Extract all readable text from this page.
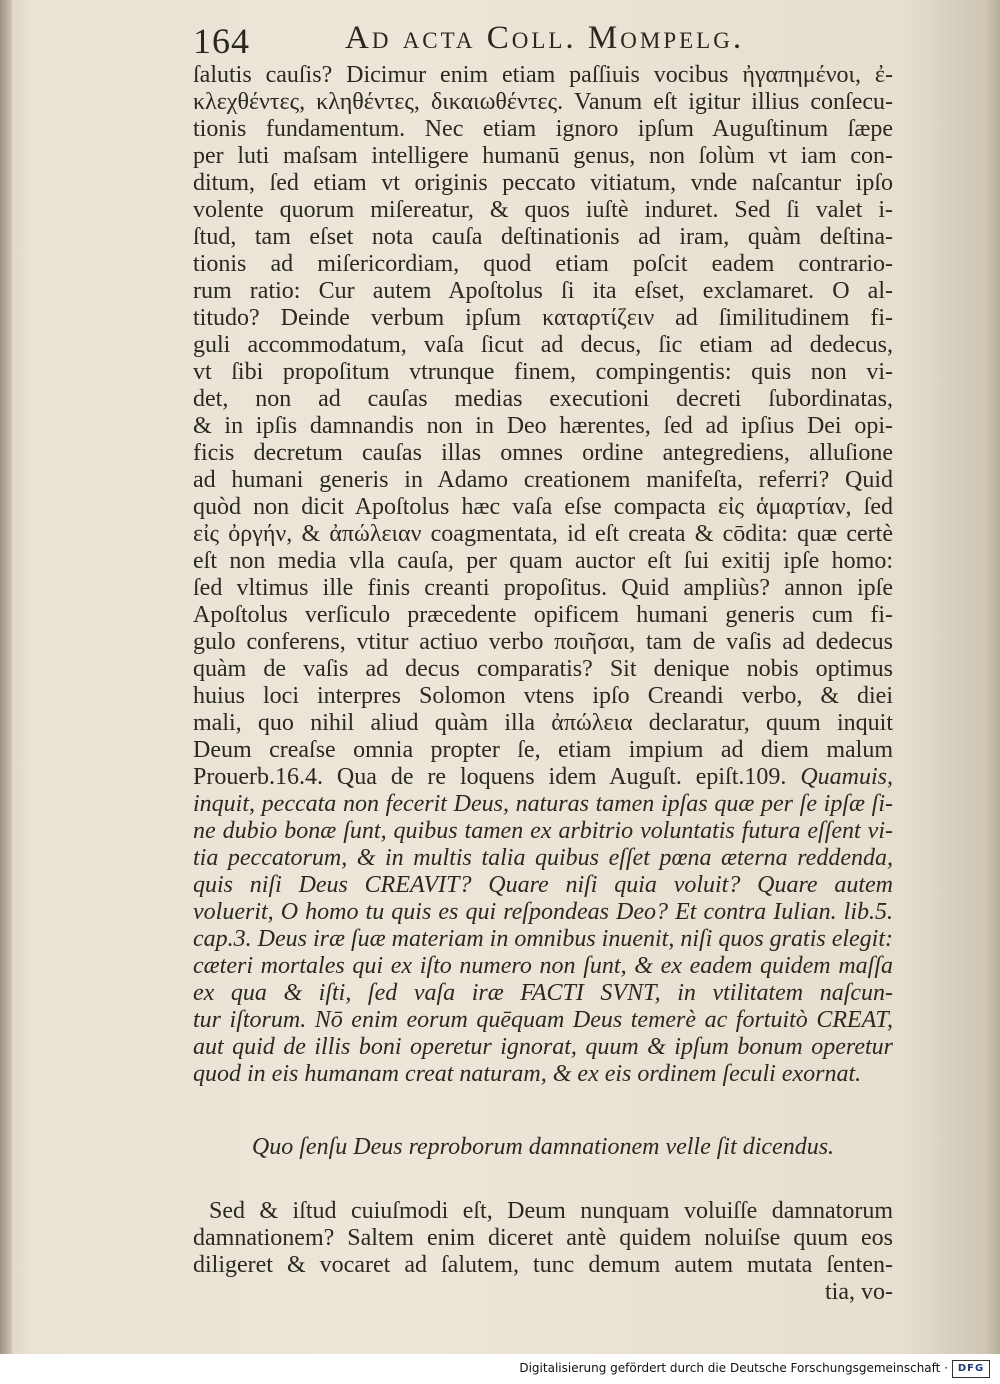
164	Ad acta Coll. Mompelg.
ſalutis cauſis? Dicimur enim etiam paſſiuis vocibus ἠγαπημένοι, ἐ-
κλεχθέντες, κληθέντες, δικαιωθέντες. Vanum eſt igitur illius conſecu-
tionis fundamentum. Nec etiam ignoro ipſum Auguſtinum ſæpe
per luti maſsam intelligere humanū genus, non ſolùm vt iam con-
ditum, ſed etiam vt originis peccato vitiatum, vnde naſcantur ipſo
volente quorum miſereatur, & quos iuſtè induret. Sed ſi valet i-
ſtud, tam eſset nota cauſa deſtinationis ad iram, quàm deſtina-
tionis ad miſericordiam, quod etiam poſcit eadem contrario-
rum ratio: Cur autem Apoſtolus ſi ita eſset, exclamaret. O al-
titudo? Deinde verbum ipſum καταρτίζειν ad ſimilitudinem fi-
guli accommodatum, vaſa ſicut ad decus, ſic etiam ad dedecus,
vt ſibi propoſitum vtrunque finem, compingentis: quis non vi-
det, non ad cauſas medias executioni decreti ſubordinatas,
& in ipſis damnandis non in Deo hærentes, ſed ad ipſius Dei opi-
ficis decretum cauſas illas omnes ordine antegrediens, alluſione
ad humani generis in Adamo creationem manifeſta, referri? Quid
quòd non dicit Apoſtolus hæc vaſa eſse compacta εἰς ἁμαρτίαν, ſed
εἰς ὀργήν, & ἀπώλειαν coagmentata, id eſt creata & cōdita: quæ certè
eſt non media vlla cauſa, per quam auctor eſt ſui exitij ipſe homo:
ſed vltimus ille finis creanti propoſitus. Quid ampliùs? annon ipſe
Apoſtolus verſiculo præcedente opificem humani generis cum fi-
gulo conferens, vtitur actiuo verbo ποιῆσαι, tam de vaſis ad dedecus
quàm de vaſis ad decus comparatis? Sit denique nobis optimus
huius loci interpres Solomon vtens ipſo Creandi verbo, & diei
mali, quo nihil aliud quàm illa ἀπώλεια declaratur, quum inquit
Deum creaſse omnia propter ſe, etiam impium ad diem malum
Prouerb.16.4. Qua de re loquens idem Auguſt. epiſt.109. Quamuis,
inquit, peccata non fecerit Deus, naturas tamen ipſas quæ per ſe ipſæ ſi-
ne dubio bonæ ſunt, quibus tamen ex arbitrio voluntatis futura eſſent vi-
tia peccatorum, & in multis talia quibus eſſet pœna æterna reddenda,
quis niſi Deus CREAVIT? Quare niſi quia voluit? Quare autem
voluerit, O homo tu quis es qui reſpondeas Deo? Et contra Iulian. lib.5.
cap.3. Deus iræ ſuæ materiam in omnibus inuenit, niſi quos gratis elegit:
cæteri mortales qui ex iſto numero non ſunt, & ex eadem quidem maſſa
ex qua & iſti, ſed vaſa iræ FACTI SVNT, in vtilitatem naſcun-
tur iſtorum. Nō enim eorum quēquam Deus temerè ac fortuitò CREAT,
aut quid de illis boni operetur ignorat, quum & ipſum bonum operetur
quod in eis humanam creat naturam, & ex eis ordinem ſeculi exornat.
Quo ſenſu Deus reproborum damnationem velle ſit dicendus.
Sed & iſtud cuiuſmodi eſt, Deum nunquam voluiſſe damnatorum
damnationem? Saltem enim diceret antè quidem noluiſse quum eos
diligeret & vocaret ad ſalutem, tunc demum autem mutata ſenten-
tia, vo-
Digitalisierung gefördert durch die Deutsche Forschungsgemeinschaft · DFG
